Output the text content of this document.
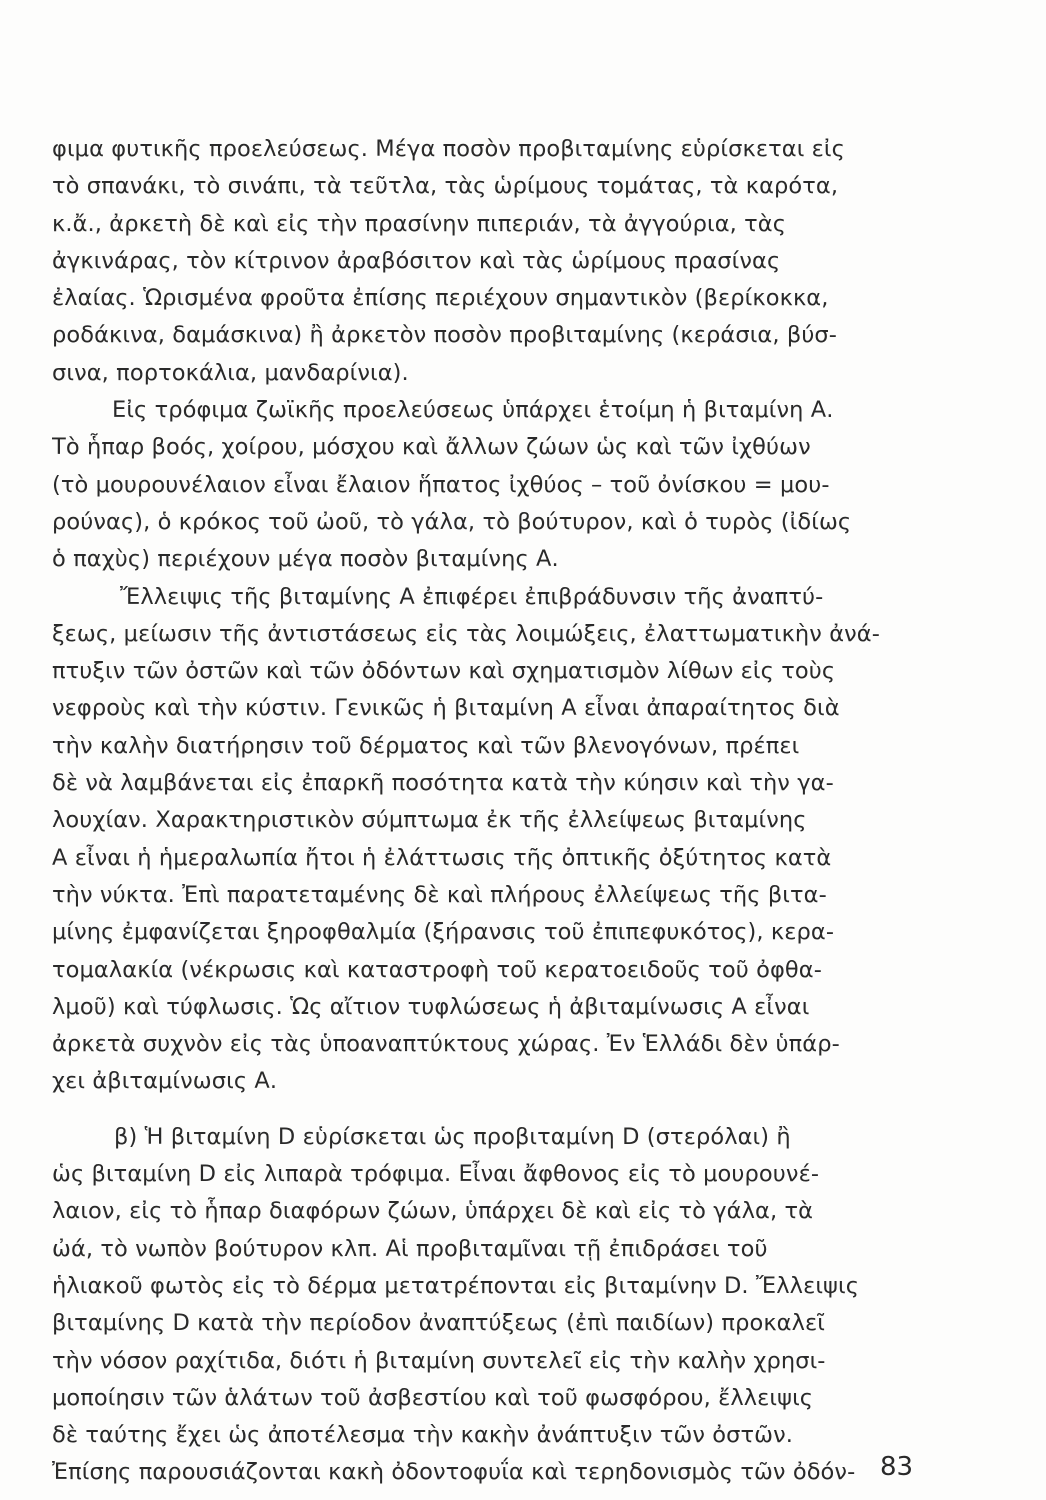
φιμα φυτικῆς προελεύσεως. Μέγα ποσὸν προβιταμίνης εὑρίσκεται εἰς
τὸ σπανάκι, τὸ σινάπι, τὰ τεῦτλα, τὰς ὡρίμους τομάτας, τὰ καρότα,
κ.ἄ., ἀρκετὴ δὲ καὶ εἰς τὴν πρασίνην πιπεριάν, τὰ ἀγγούρια, τὰς
ἀγκινάρας, τὸν κίτρινον ἀραβόσιτον καὶ τὰς ὡρίμους πρασίνας
ἐλαίας. Ὡρισμένα φροῦτα ἐπίσης περιέχουν σημαντικὸν (βερίκοκκα,
ροδάκινα, δαμάσκινα) ἢ ἀρκετὸν ποσὸν προβιταμίνης (κεράσια, βύσ-
σινα, πορτοκάλια, μανδαρίνια).
Εἰς τρόφιμα ζωϊκῆς προελεύσεως ὑπάρχει ἑτοίμη ἡ βιταμίνη Α.
Τὸ ἧπαρ βοός, χοίρου, μόσχου καὶ ἄλλων ζώων ὡς καὶ τῶν ἰχθύων
(τὸ μουρουνέλαιον εἶναι ἔλαιον ἥπατος ἰχθύος – τοῦ ὀνίσκου = μου-
ρούνας), ὁ κρόκος τοῦ ὠοῦ, τὸ γάλα, τὸ βούτυρον, καὶ ὁ τυρὸς (ἰδίως
ὁ παχὺς) περιέχουν μέγα ποσὸν βιταμίνης Α.
Ἔλλειψις τῆς βιταμίνης Α ἐπιφέρει ἐπιβράδυνσιν τῆς ἀναπτύ-
ξεως, μείωσιν τῆς ἀντιστάσεως εἰς τὰς λοιμώξεις, ἐλαττωματικὴν ἀνά-
πτυξιν τῶν ὀστῶν καὶ τῶν ὀδόντων καὶ σχηματισμὸν λίθων εἰς τοὺς
νεφροὺς καὶ τὴν κύστιν. Γενικῶς ἡ βιταμίνη Α εἶναι ἀπαραίτητος διὰ
τὴν καλὴν διατήρησιν τοῦ δέρματος καὶ τῶν βλενογόνων, πρέπει
δὲ νὰ λαμβάνεται εἰς ἐπαρκῆ ποσότητα κατὰ τὴν κύησιν καὶ τὴν γα-
λουχίαν. Χαρακτηριστικὸν σύμπτωμα ἐκ τῆς ἐλλείψεως βιταμίνης
Α εἶναι ἡ ἡμεραλωπία ἤτοι ἡ ἐλάττωσις τῆς ὀπτικῆς ὀξύτητος κατὰ
τὴν νύκτα. Ἐπὶ παρατεταμένης δὲ καὶ πλήρους ἐλλείψεως τῆς βιτα-
μίνης ἐμφανίζεται ξηροφθαλμία (ξήρανσις τοῦ ἐπιπεφυκότος), κερα-
τομαλακία (νέκρωσις καὶ καταστροφὴ τοῦ κερατοειδοῦς τοῦ ὀφθα-
λμοῦ) καὶ τύφλωσις. Ὡς αἴτιον τυφλώσεως ἡ ἀβιταμίνωσις Α εἶναι
ἀρκετὰ συχνὸν εἰς τὰς ὑποαναπτύκτους χώρας. Ἐν Ἑλλάδι δὲν ὑπάρ-
χει ἀβιταμίνωσις Α.
β) Ἡ βιταμίνη D εὑρίσκεται ὡς προβιταμίνη D (στερόλαι) ἢ
ὡς βιταμίνη D εἰς λιπαρὰ τρόφιμα. Εἶναι ἄφθονος εἰς τὸ μουρουνέ-
λαιον, εἰς τὸ ἧπαρ διαφόρων ζώων, ὑπάρχει δὲ καὶ εἰς τὸ γάλα, τὰ
ὠά, τὸ νωπὸν βούτυρον κλπ. Αἱ προβιταμῖναι τῇ ἐπιδράσει τοῦ
ἡλιακοῦ φωτὸς εἰς τὸ δέρμα μετατρέπονται εἰς βιταμίνην D. Ἔλλειψις
βιταμίνης D κατὰ τὴν περίοδον ἀναπτύξεως (ἐπὶ παιδίων) προκαλεῖ
τὴν νόσον ραχίτιδα, διότι ἡ βιταμίνη συντελεῖ εἰς τὴν καλὴν χρησι-
μοποίησιν τῶν ἁλάτων τοῦ ἀσβεστίου καὶ τοῦ φωσφόρου, ἔλλειψις
δὲ ταύτης ἔχει ὡς ἀποτέλεσμα τὴν κακὴν ἀνάπτυξιν τῶν ὀστῶν.
Ἐπίσης παρουσιάζονται κακὴ ὀδοντοφυΐα καὶ τερηδονισμὸς τῶν ὀδόν- 83
